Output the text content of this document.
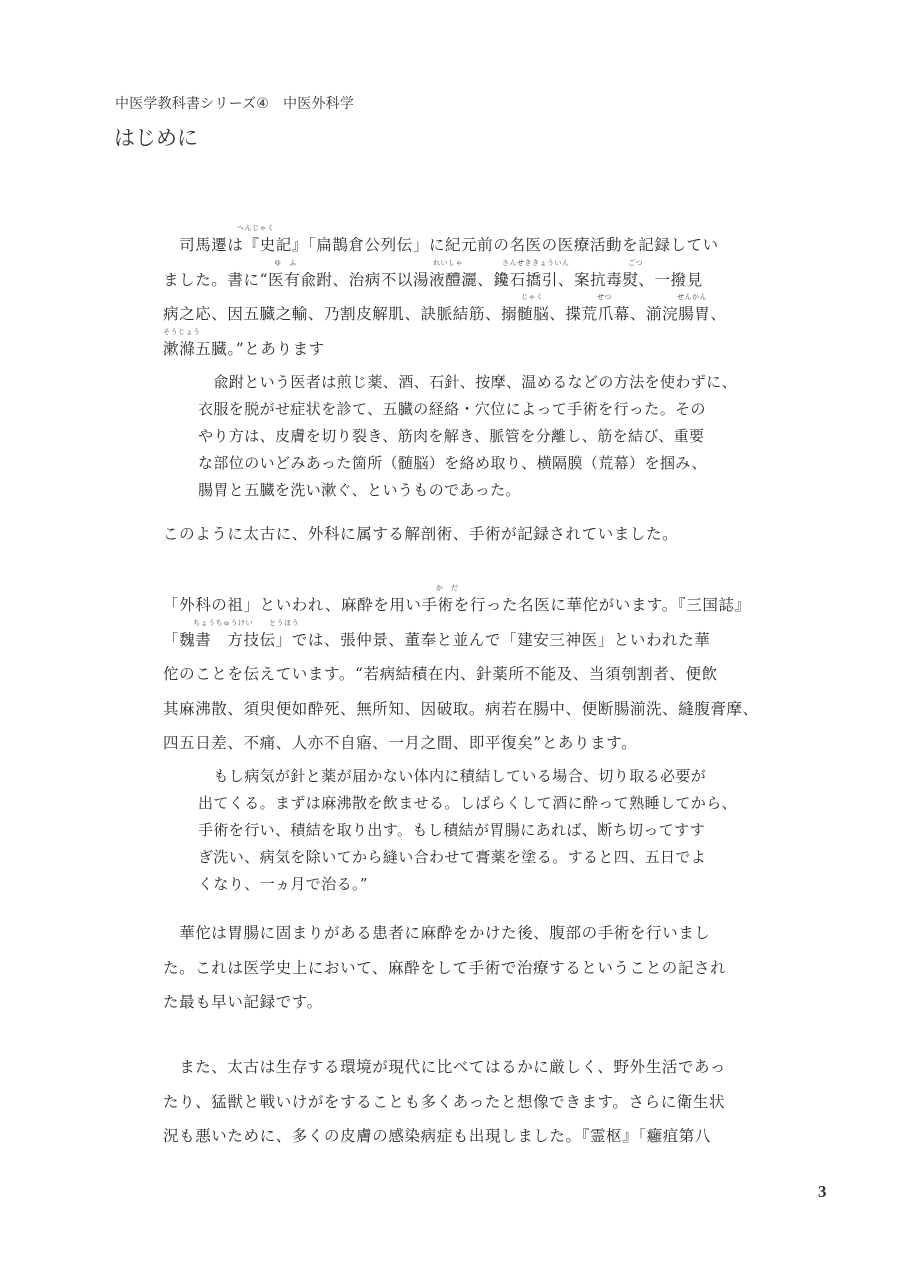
中医学教科書シリーズ④ 中医外科学
はじめに
　司馬遷は『史記』「扁鵲倉公列伝」に紀元前の名医の医療活動を記録してい
へんじゃく
ました。書に“医有兪跗、治病不以湯液醴灑、鑱石撟引、案抗毒熨、一撥見
ゆ　ふ	れいしゃ	さんせききょういん	ごつ
病之応、因五臓之輸、乃割皮解肌、訣脈結筋、搦髄脳、揲荒爪幕、湔浣腸胃、
じゃく	せつ	せんかん
漱滌五臓。”とあります
そうじょう
　兪跗という医者は煎じ薬、酒、石針、按摩、温めるなどの方法を使わずに、
衣服を脱がせ症状を診て、五臓の経絡・穴位によって手術を行った。その
やり方は、皮膚を切り裂き、筋肉を解き、脈管を分離し、筋を結び、重要
な部位のいどみあった箇所（髄脳）を絡め取り、横隔膜（荒幕）を掴み、
腸胃と五臓を洗い漱ぐ、というものであった。
このように太古に、外科に属する解剖術、手術が記録されていました。
「外科の祖」といわれ、麻酔を用い手術を行った名医に華佗がいます。『三国誌』
か　だ
「魏書　方技伝」では、張仲景、董奉と並んで「建安三神医」といわれた華
ちょうちゅうけい とうほう
佗のことを伝えています。“若病結積在内、針薬所不能及、当須刳割者、便飲
其麻沸散、須臾便如酔死、無所知、因破取。病若在腸中、便断腸湔洗、縫腹膏摩、
四五日差、不痛、人亦不自寤、一月之間、即平復矣”とあります。
　もし病気が針と薬が届かない体内に積結している場合、切り取る必要が
出てくる。まずは麻沸散を飲ませる。しばらくして酒に酔って熟睡してから、
手術を行い、積結を取り出す。もし積結が胃腸にあれば、断ち切ってすす
ぎ洗い、病気を除いてから縫い合わせて膏薬を塗る。すると四、五日でよ
くなり、一ヵ月で治る。”
　華佗は胃腸に固まりがある患者に麻酔をかけた後、腹部の手術を行いまし
た。これは医学史上において、麻酔をして手術で治療するということの記され
た最も早い記録です。
　また、太古は生存する環境が現代に比べてはるかに厳しく、野外生活であっ
たり、猛獣と戦いけがをすることも多くあったと想像できます。さらに衛生状
況も悪いために、多くの皮膚の感染病症も出現しました。『霊枢』「癰疽第八
3
